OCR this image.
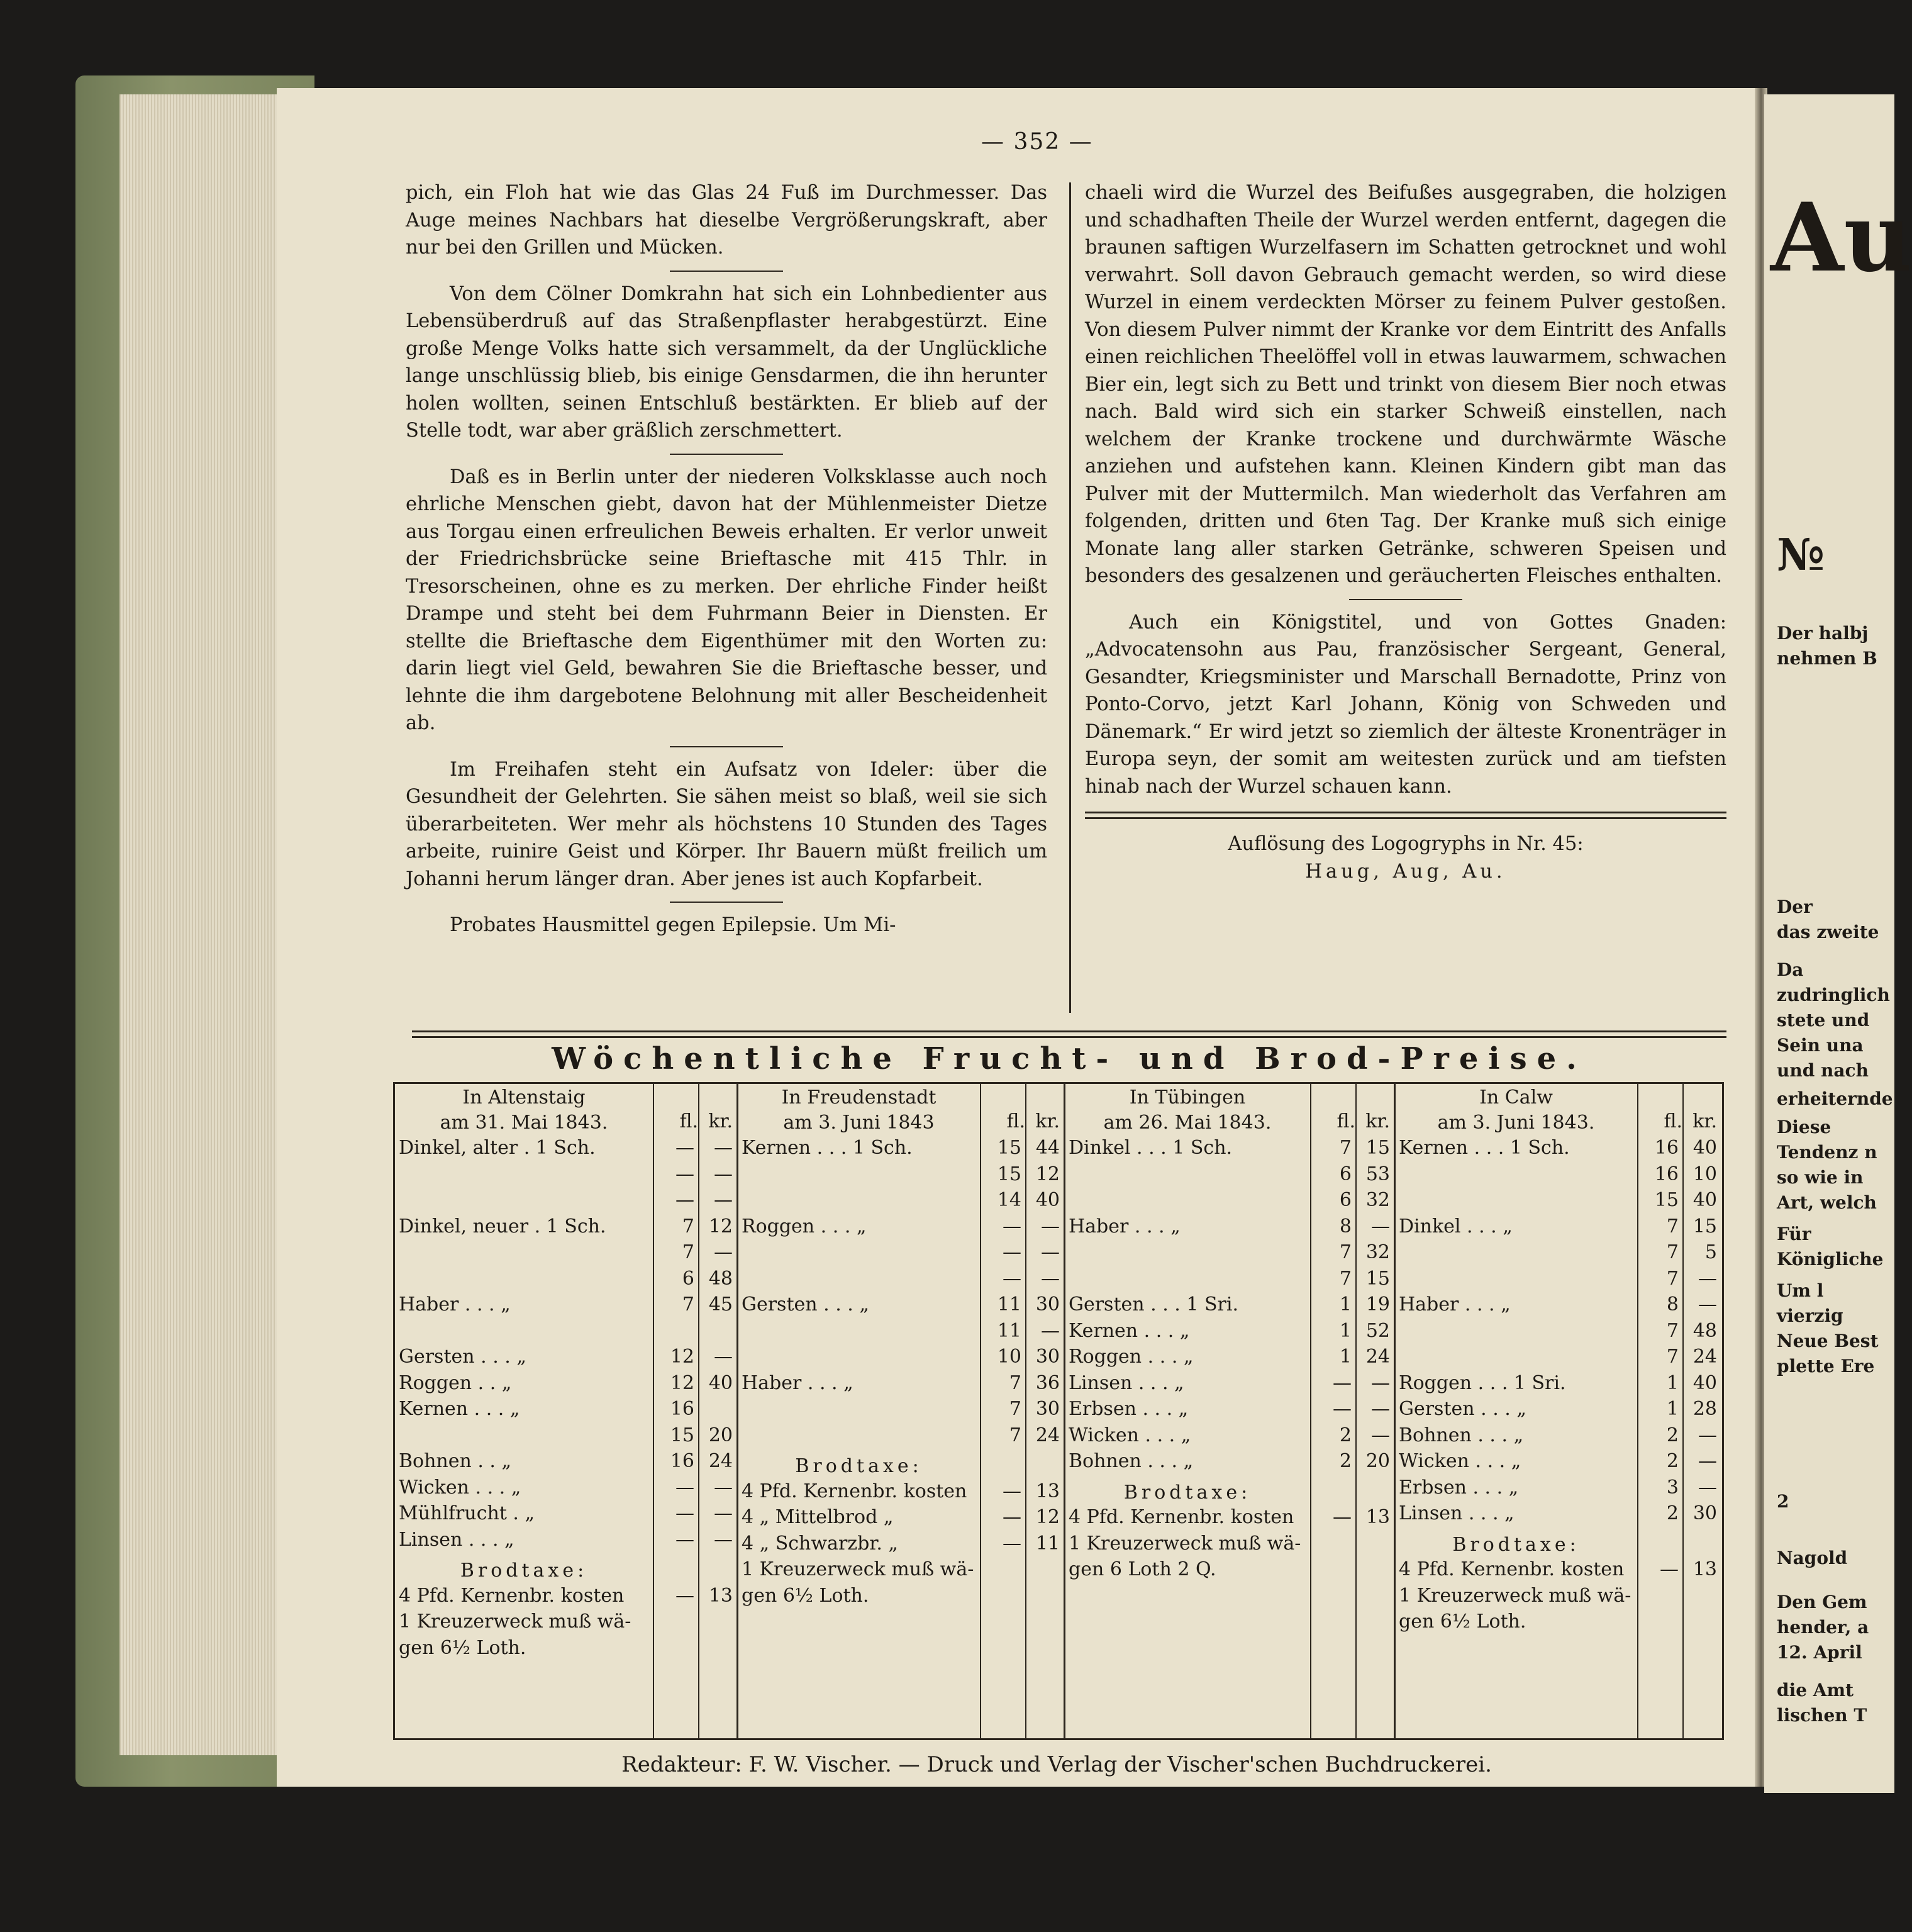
— 352 —

pich, ein Floh hat wie das Glas 24 Fuß im Durchmesser. Das Auge meines Nachbars hat dieselbe Vergrößerungskraft, aber nur bei den Grillen und Mücken.

Von dem Cölner Domkrahn hat sich ein Lohnbedienter aus Lebensüberdruß auf das Straßenpflaster herabgestürzt. Eine große Menge Volks hatte sich versammelt, da der Unglückliche lange unschlüssig blieb, bis einige Gensdarmen, die ihn herunter holen wollten, seinen Entschluß bestärkten. Er blieb auf der Stelle todt, war aber gräßlich zerschmettert.

Daß es in Berlin unter der niederen Volksklasse auch noch ehrliche Menschen giebt, davon hat der Mühlenmeister Dietze aus Torgau einen erfreulichen Beweis erhalten. Er verlor unweit der Friedrichsbrücke seine Brieftasche mit 415 Thlr. in Tresorscheinen, ohne es zu merken. Der ehrliche Finder heißt Drampe und steht bei dem Fuhrmann Beier in Diensten. Er stellte die Brieftasche dem Eigenthümer mit den Worten zu: darin liegt viel Geld, bewahren Sie die Brieftasche besser, und lehnte die ihm dargebotene Belohnung mit aller Bescheidenheit ab.

Im Freihafen steht ein Aufsatz von Ideler: über die Gesundheit der Gelehrten. Sie sähen meist so blaß, weil sie sich überarbeiteten. Wer mehr als höchstens 10 Stunden des Tages arbeite, ruinire Geist und Körper. Ihr Bauern müßt freilich um Johanni herum länger dran. Aber jenes ist auch Kopfarbeit.

Probates Hausmittel gegen Epilepsie. Um Mi-

chaeli wird die Wurzel des Beifußes ausgegraben, die holzigen und schadhaften Theile der Wurzel werden entfernt, dagegen die braunen saftigen Wurzelfasern im Schatten getrocknet und wohl verwahrt. Soll davon Gebrauch gemacht werden, so wird diese Wurzel in einem verdeckten Mörser zu feinem Pulver gestoßen. Von diesem Pulver nimmt der Kranke vor dem Eintritt des Anfalls einen reichlichen Theelöffel voll in etwas lauwarmem, schwachen Bier ein, legt sich zu Bett und trinkt von diesem Bier noch etwas nach. Bald wird sich ein starker Schweiß einstellen, nach welchem der Kranke trockene und durchwärmte Wäsche anziehen und aufstehen kann. Kleinen Kindern gibt man das Pulver mit der Muttermilch. Man wiederholt das Verfahren am folgenden, dritten und 6ten Tag. Der Kranke muß sich einige Monate lang aller starken Getränke, schweren Speisen und besonders des gesalzenen und geräucherten Fleisches enthalten.

Auch ein Königstitel, und von Gottes Gnaden: „Advocatensohn aus Pau, französischer Sergeant, General, Gesandter, Kriegsminister und Marschall Bernadotte, Prinz von Ponto-Corvo, jetzt Karl Johann, König von Schweden und Dänemark.“ Er wird jetzt so ziemlich der älteste Kronenträger in Europa seyn, der somit am weitesten zurück und am tiefsten hinab nach der Wurzel schauen kann.

Auflösung des Logogryphs in Nr. 45:
Haug, Aug, Au.
Wöchentliche Frucht- und Brod-Preise.
In Altenstaig
am 31. Mai 1843.	fl. kr.
Dinkel, alter . 1 Sch.	—	—
—	—
—	—
Dinkel, neuer . 1 Sch.	7 12
7	—
6 48
Haber . . . „	7 45
Gersten . . . „	12	—
Roggen . . „	12 40
Kernen . . . „	16
15 20
Bohnen . . „	16 24
Wicken . . . „	—	—
Mühlfrucht . „	—	—
Linsen . . . „	—	—
Brodtaxe:
4 Pfd. Kernenbr. kosten	— 13
1 Kreuzerweck muß wä-
gen 6½ Loth.
In Freudenstadt
am 3. Juni 1843	fl. kr.
Kernen . . . 1 Sch.	15 44
15 12
14 40
Roggen . . . „	—	—
—	—
—	—
Gersten . . . „	11 30
11	—
10 30
Haber . . . „	7 36
7 30
7 24
Brodtaxe:
4 Pfd. Kernenbr. kosten	— 13
4 „ Mittelbrod „	— 12
4 „ Schwarzbr. „	— 11
1 Kreuzerweck muß wä-
gen 6½ Loth.
In Tübingen
am 26. Mai 1843.	fl. kr.
Dinkel . . . 1 Sch.	7 15
6 53
6 32
Haber . . . „	8	—
7 32
7 15
Gersten . . . 1 Sri.	1 19
Kernen . . . „	1 52
Roggen . . . „	1 24
Linsen . . . „	—	—
Erbsen . . . „	—	—
Wicken . . . „	2	—
Bohnen . . . „	2 20
Brodtaxe:
4 Pfd. Kernenbr. kosten	— 13
1 Kreuzerweck muß wä-
gen 6 Loth 2 Q.
In Calw
am 3. Juni 1843.	fl. kr.
Kernen . . . 1 Sch.	16 40
16 10
15 40
Dinkel . . . „	7 15
7	5
7	—
Haber . . . „	8	—
7 48
7 24
Roggen . . . 1 Sri.	1 40
Gersten . . . „	1 28
Bohnen . . . „	2	—
Wicken . . . „	2	—
Erbsen . . . „	3	—
Linsen . . . „	2 30
Brodtaxe:
4 Pfd. Kernenbr. kosten	— 13
1 Kreuzerweck muß wä-
gen 6½ Loth.
Redakteur: F. W. Vischer. — Druck und Verlag der Vischer'schen Buchdruckerei.
Au
№
Der halbj
nehmen B
Der
das zweite
Da
zudringlich
stete und
Sein una
und nach
erheiternde
Diese
Tendenz n
so wie in
Art, welch
Für
Königliche
Um l
vierzig
Neue Best
plette Ere
2
Nagold
Den Gem
hender, a
12. April
die Amt
lischen T
